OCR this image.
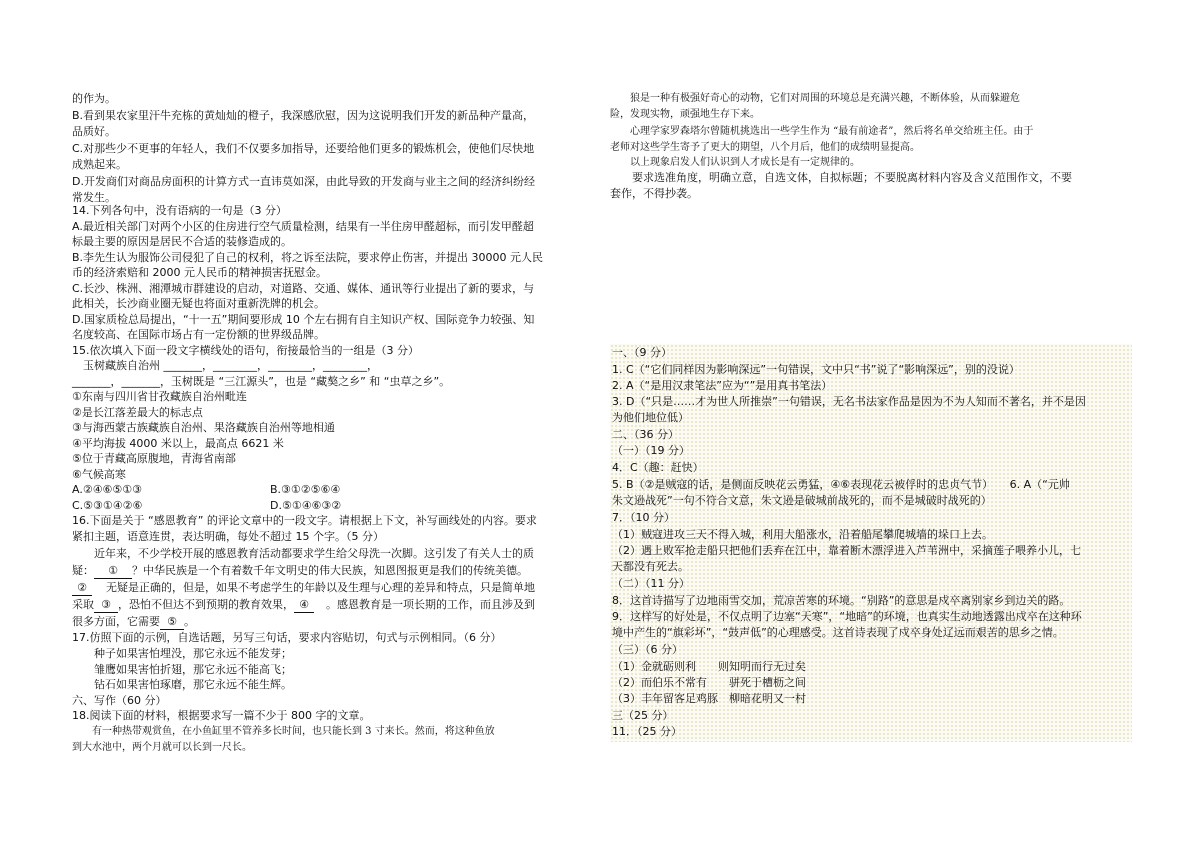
的作为。
B.看到果农家里汗牛充栋的黄灿灿的橙子，我深感欣慰，因为这说明我们开发的新品种产量高，
品质好。
C.对那些少不更事的年轻人，我们不仅要多加指导，还要给他们更多的锻炼机会，使他们尽快地
成熟起来。
D.开发商们对商品房面积的计算方式一直讳莫如深，由此导致的开发商与业主之间的经济纠纷经
常发生。
14.下列各句中，没有语病的一句是（3 分）
A.最近相关部门对两个小区的住房进行空气质量检测，结果有一半住房甲醛超标，而引发甲醛超
标最主要的原因是居民不合适的装修造成的。
B.李先生认为服饰公司侵犯了自己的权利，将之诉至法院，要求停止伤害，并提出 30000 元人民
币的经济索赔和 2000 元人民币的精神损害抚慰金。
C.长沙、株洲、湘潭城市群建设的启动，对道路、交通、媒体、通讯等行业提出了新的要求，与
此相关，长沙商业圈无疑也将面对重新洗牌的机会。
D.国家质检总局提出，“十一五”期间要形成 10 个左右拥有自主知识产权、国际竞争力较强、知
名度较高、在国际市场占有一定份额的世界级品牌。
15.依次填入下面一段文字横线处的语句，衔接最恰当的一组是（3 分）
　玉树藏族自治州 _______，________，________，________，
_______，_______，玉树既是 “三江源头”，也是 “藏獒之乡” 和 “虫草之乡”。
①东南与四川省甘孜藏族自治州毗连
②是长江落差最大的标志点
③与海西蒙古族藏族自治州、果洛藏族自治州等地相通
④平均海拔 4000 米以上，最高点 6621 米
⑤位于青藏高原腹地，青海省南部
⑥气候高寒
A.②④⑥⑤①③	B.③①②⑤⑥④
C.⑤③①④②⑥	D.⑤①④⑥③②
16.下面是关于 “感恩教育” 的评论文章中的一段文字。请根据上下文，补写画线处的内容。要求
紧扣主题，语意连贯，表达明确，每处不超过 15 个字。（5 分）
　　近年来，不少学校开展的感恩教育活动都要求学生给父母洗一次脚。这引发了有关人士的质
疑： ① ？中华民族是一个有着数千年文明史的伟大民族，知恩图报更是我们的传统美德。
② 无疑是正确的，但是，如果不考虑学生的年龄以及生理与心理的差异和特点，只是简单地
采取 ③ ，恐怕不但达不到预期的教育效果， ④ 。感恩教育是一项长期的工作，而且涉及到
很多方面，它需要 ⑤ 。
17.仿照下面的示例，自选话题，另写三句话，要求内容贴切，句式与示例相同。（6 分）
　　种子如果害怕埋没，那它永远不能发芽；
　　雏鹰如果害怕折翅，那它永远不能高飞；
　　钻石如果害怕琢磨，那它永远不能生辉。
六、写作（60 分）
18.阅读下面的材料，根据要求写一篇不少于 800 字的文章。
　　有一种热带观赏鱼，在小鱼缸里不管养多长时间，也只能长到 3 寸来长。然而，将这种鱼放
到大水池中，两个月就可以长到一尺长。
　　狼是一种有极强好奇心的动物，它们对周围的环境总是充满兴趣，不断体验，从而躲避危
险，发现实物，顽强地生存下来。
　　心理学家罗森塔尔曾随机挑选出一些学生作为 “最有前途者”，然后将名单交给班主任。由于
老师对这些学生寄予了更大的期望，八个月后，他们的成绩明显提高。
　　以上现象启发人们认识到人才成长是有一定规律的。
　　要求选准角度，明确立意，自选文体，自拟标题；不要脱离材料内容及含义范围作文，不要
套作，不得抄袭。
一、（9 分）
1. C（“它们同样因为影响深远”一句错误，文中只“书”说了“影响深远”，别的没说）
2. A（“是用汉隶笔法”应为“”是用真书笔法）
3. D（“只是……才为世人所推崇”一句错误，无名书法家作品是因为不为人知而不著名，并不是因
为他们地位低）
二、（36 分）
（一）（19 分）
4．C（趣：赶快）
5. B（②是贼寇的话，是侧面反映花云勇猛，④⑥表现花云被俘时的忠贞气节）　　6. A（“元帅
朱文逊战死”一句不符合文意，朱文逊是破城前战死的，而不是城破时战死的）
7．（10 分）
（1）贼寇进攻三天不得入城，利用大船涨水，沿着船尾攀爬城墙的垛口上去。
（2）遇上败军抢走船只把他们丢弃在江中，靠着断木漂浮进入芦苇洲中，采摘莲子喂养小儿，七
天都没有死去。
（二）（11 分）
8．这首诗描写了边地雨雪交加，荒凉苦寒的环境。“别路”的意思是戍卒离别家乡到边关的路。
9．这样写的好处是，不仅点明了边塞“天寒”，“地暗”的环境，也真实生动地透露出戍卒在这种环
境中产生的“旗彩坏”，“鼓声低”的心理感受。这首诗表现了戍卒身处辽远而艰苦的思乡之情。
（三）（6 分）
（1）金就砺则利　　则知明而行无过矣
（2）而伯乐不常有　　骈死于槽枥之间
（3）丰年留客足鸡豚　柳暗花明又一村
三（25 分）
11．（25 分）
